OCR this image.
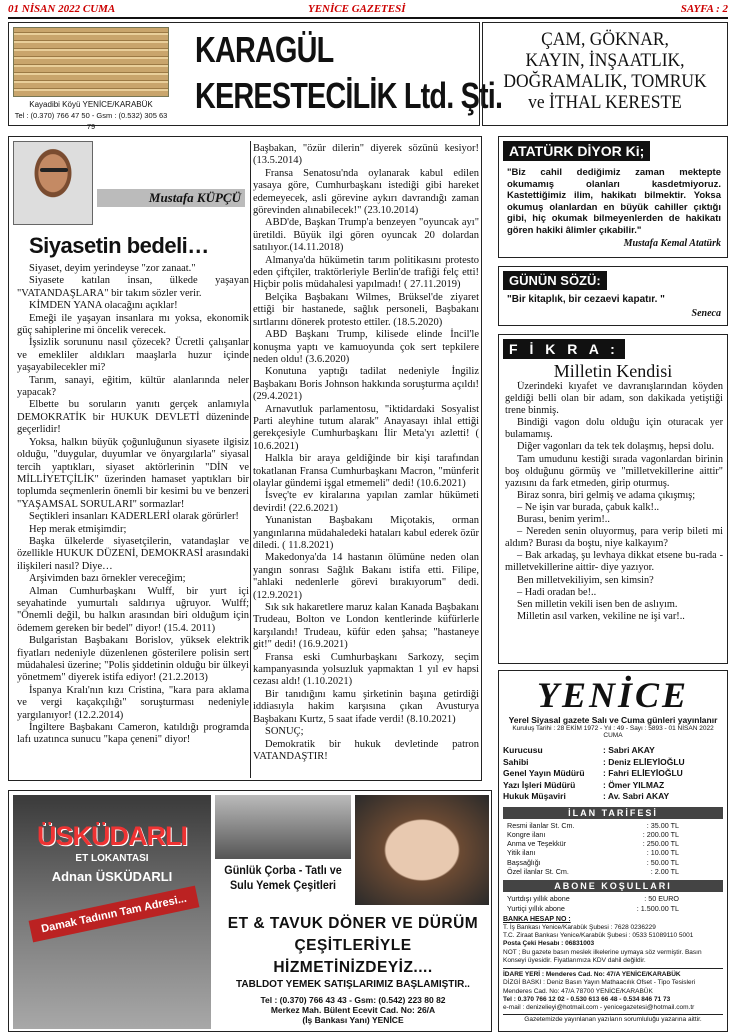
01 NİSAN 2022 CUMA	YENİCE GAZETESİ	SAYFA : 2
Kayadibi Köyü YENİCE/KARABÜK
Tel : (0.370) 766 47 50 - Gsm : (0.532) 305 63 79
KARAGÜL
KERESTECİLİK Ltd. Şti.
ÇAM, GÖKNAR,
KAYIN, İNŞAATLIK,
DOĞRAMALIK, TOMRUK
ve İTHAL KERESTE
Mustafa KÜPÇÜ
Siyasetin bedeli…

Siyaset, deyim yerindeyse "zor zanaat."

Siyasete katılan insan, ülkede yaşayan "VATANDAŞLARA" bir takım sözler verir.

KİMDEN YANA olacağını açıklar!

Emeği ile yaşayan insanlara mı yoksa, ekonomik güç sahiplerine mi öncelik verecek.

İşsizlik sorununu nasıl çözecek? Ücretli çalışanlar ve emekliler aldıkları maaşlarla huzur içinde yaşayabilecekler mi?

Tarım, sanayi, eğitim, kültür alanlarında neler yapacak?

Elbette bu soruların yanıtı gerçek anlamıyla DEMOKRATİK bir HUKUK DEVLETİ düzeninde geçerlidir!

Yoksa, halkın büyük çoğunluğunun siyasete ilgisiz olduğu, "duygular, duyumlar ve önyargılarla" siyasal tercih yaptıkları, siyaset aktörlerinin "DİN ve MİLLİYETÇİLİK" üzerinden hamaset yaptıkları bir toplumda seçmenlerin önemli bir kesimi bu ve benzeri "YAŞAMSAL SORULARI" sormazlar!

Seçtikleri insanları KADERLERİ olarak görürler!

Hep merak etmişimdir;

Başka ülkelerde siyasetçilerin, vatandaşlar ve özellikle HUKUK DÜZENİ, DEMOKRASİ arasındaki ilişkileri nasıl? Diye…

Arşivimden bazı örnekler vereceğim;

Alman Cumhurbaşkanı Wulff, bir yurt içi seyahatinde yumurtalı saldırıya uğruyor. Wulff; "Önemli değil, bu halkın arasından biri olduğum için ödemem gereken bir bedel" diyor! (15.4. 2011)

Bulgaristan Başbakanı Borislov, yüksek elektrik fiyatları nedeniyle düzenlenen gösterilere polisin sert müdahalesi üzerine; "Polis şiddetinin olduğu bir ülkeyi yönetmem" diyerek istifa ediyor! (21.2.2013)

İspanya Kralı'nın kızı Cristina, "kara para aklama ve vergi kaçakçılığı" soruşturması nedeniyle yargılanıyor! (12.2.2014)

İngiltere Başbakanı Cameron, katıldığı programda lafı uzatınca sunucu "kapa çeneni" diyor!

Başbakan, "özür dilerin" diyerek sözünü kesiyor! (13.5.2014)

Fransa Senatosu'nda oylanarak kabul edilen yasaya göre, Cumhurbaşkanı istediği gibi hareket edemeyecek, asli görevine aykırı davrandığı zaman görevinden alınabilecek!" (23.10.2014)

ABD'de, Başkan Trump'a benzeyen "oyuncak ayı" üretildi. Büyük ilgi gören oyuncak 20 dolardan satılıyor.(14.11.2018)

Almanya'da hükümetin tarım politikasını protesto eden çiftçiler, traktörleriyle Berlin'de trafiği felç etti! Hiçbir polis müdahalesi yapılmadı! ( 27.11.2019)

Belçika Başbakanı Wilmes, Brüksel'de ziyaret ettiği bir hastanede, sağlık personeli, Başbakanı sırtlarını dönerek protesto ettiler. (18.5.2020)

ABD Başkanı Trump, kilisede elinde İncil'le konuşma yaptı ve kamuoyunda çok sert tepkilere neden oldu! (3.6.2020)

Konutuna yaptığı tadilat nedeniyle İngiliz Başbakanı Boris Johnson hakkında soruşturma açıldı! (29.4.2021)

Arnavutluk parlamentosu, "iktidardaki Sosyalist Parti aleyhine tutum alarak" Anayasayı ihlal ettiği gerekçesiyle Cumhurbaşkanı İlir Meta'yı azletti! ( 10.6.2021)

Halkla bir araya geldiğinde bir kişi tarafından tokatlanan Fransa Cumhurbaşkanı Macron, "münferit olaylar gündemi işgal etmemeli" dedi! (10.6.2021)

İsveç'te ev kiralarına yapılan zamlar hükümeti devirdi! (22.6.2021)

Yunanistan Başbakanı Miçotakis, orman yangınlarına müdahaledeki hataları kabul ederek özür diledi. ( 11.8.2021)

Makedonya'da 14 hastanın ölümüne neden olan yangın sonrası Sağlık Bakanı istifa etti. Filipe, "ahlaki nedenlerle görevi bırakıyorum" dedi. (12.9.2021)

Sık sık hakaretlere maruz kalan Kanada Başbakanı Trudeau, Bolton ve London kentlerinde küfürlerle karşılandı! Trudeau, küfür eden şahsa; "hastaneye git!" dedi! (16.9.2021)

Fransa eski Cumhurbaşkanı Sarkozy, seçim kampanyasında yolsuzluk yapmaktan 1 yıl ev hapsi cezası aldı! (1.10.2021)

Bir tanıdığını kamu şirketinin başına getirdiği iddiasıyla hakim karşısına çıkan Avusturya Başbakanı Kurtz, 5 saat ifade verdi! (8.10.2021)

SONUÇ;

Demokratik bir hukuk devletinde patron VATANDAŞTIR!

ATATÜRK DİYOR Ki;
"Biz cahil dediğimiz zaman mektepte okumamış olanları kasdetmiyoruz. Kastettiğimiz ilim, hakikatı bilmektir. Yoksa okumuş olanlardan en büyük cahiller çıktığı gibi, hiç okumak bilmeyenlerden de hakikatı gören hakiki âlimler çıkabilir."
Mustafa Kemal Atatürk
GÜNÜN SÖZÜ:
"Bir kitaplık, bir cezaevi kapatır. "
Seneca
F İ K R A :
Milletin Kendisi

Üzerindeki kıyafet ve davranışlarından köyden geldiği belli olan bir adam, son dakikada yetiştiği trene binmiş.

Bindiği vagon dolu olduğu için oturacak yer bulamamış.

Diğer vagonları da tek tek dolaşmış, hepsi dolu.

Tam umudunu kestiği sırada vagonlardan birinin boş olduğunu görmüş ve "milletvekillerine aittir" yazısını da fark etmeden, girip oturmuş.

Biraz sonra, biri gelmiş ve adama çıkışmış;

– Ne işin var burada, çabuk kalk!..

Burası, benim yerim!..

– Nereden senin oluyormuş, para verip bileti mi aldım? Burası da boştu, niye kalkayım?

– Bak arkadaş, şu levhaya dikkat etsene bu-rada -milletvekillerine aittir- diye yazıyor.

Ben milletvekiliyim, sen kimsin?

– Hadi oradan be!..

Sen milletin vekili isen ben de aslıyım.

Milletin asıl varken, vekiline ne işi var!..

YENİCE
Yerel Siyasal gazete Salı ve Cuma günleri yayınlanır
Kuruluş Tarihi : 28 EKİM 1972 - Yıl : 49 - Sayı : 5893 - 01 NİSAN 2022 CUMA
Kurucusu	: Sabri AKAY
Sahibi	: Deniz ELİEYİOĞLU
Genel Yayın Müdürü	: Fahri ELİEYİOĞLU
Yazı İşleri Müdürü	: Ömer YILMAZ
Hukuk Müşaviri	: Av. Sabri AKAY
İLAN TARİFESİ
Resmi ilanlar St. Cm.	: 35.00 TL
Kongre ilanı	: 200.00 TL
Anma ve Teşekkür	: 250.00 TL
Yitik ilanı	: 10.00 TL
Başsağlığı	: 50.00 TL
Özel ilanlar St. Cm.	: 2.00 TL
ABONE KOŞULLARI
Yurtdışı yıllık abone	: 50 EURO
Yurtiçi yıllık abone	: 1.500.00 TL
BANKA HESAP NO :
T. İş Bankası Yenice/Karabük Şubesi : 7628 0236229
T.C. Ziraat Bankası Yenice/Karabük Şubesi : 0533 51089110 5001
Posta Çeki Hesabı : 06831003
NOT ; Bu gazete basın meslek ilkelerine uymaya söz vermiştir. Basın Konseyi üyesidir. Fiyatlarımıza KDV dahil değildir.
İDARE YERİ : Menderes Cad. No: 47/A YENİCE/KARABÜK
DİZGİ BASKI : Deniz Basın Yayın Mathaacılık Ofset - Tipo Tesisleri Menderes Cad. No: 47/A 78700 YENİCE/KARABÜK
Tel : 0.370 766 12 02 - 0.530 613 66 48 - 0.534 846 71 73
e-mail : denizelieyi@hotmail.com - yenicegazetesi@hotmail.com.tr
Gazetemizde yayınlanan yazıların sorumluluğu yazarına aittir.
ÜSKÜDARLI
ET LOKANTASI
Adnan ÜSKÜDARLI
Damak Tadının Tam Adresi...
Günlük Çorba - Tatlı ve Sulu Yemek Çeşitleri
ET & TAVUK DÖNER VE DÜRÜM ÇEŞİTLERİYLE HİZMETİNİZDEYİZ....
TABLDOT YEMEK SATIŞLARIMIZ BAŞLAMIŞTIR..
Tel : (0.370) 766 43 43 - Gsm: (0.542) 223 80 82
Merkez Mah. Bülent Ecevit Cad. No: 26/A
(İş Bankası Yanı) YENİCE
